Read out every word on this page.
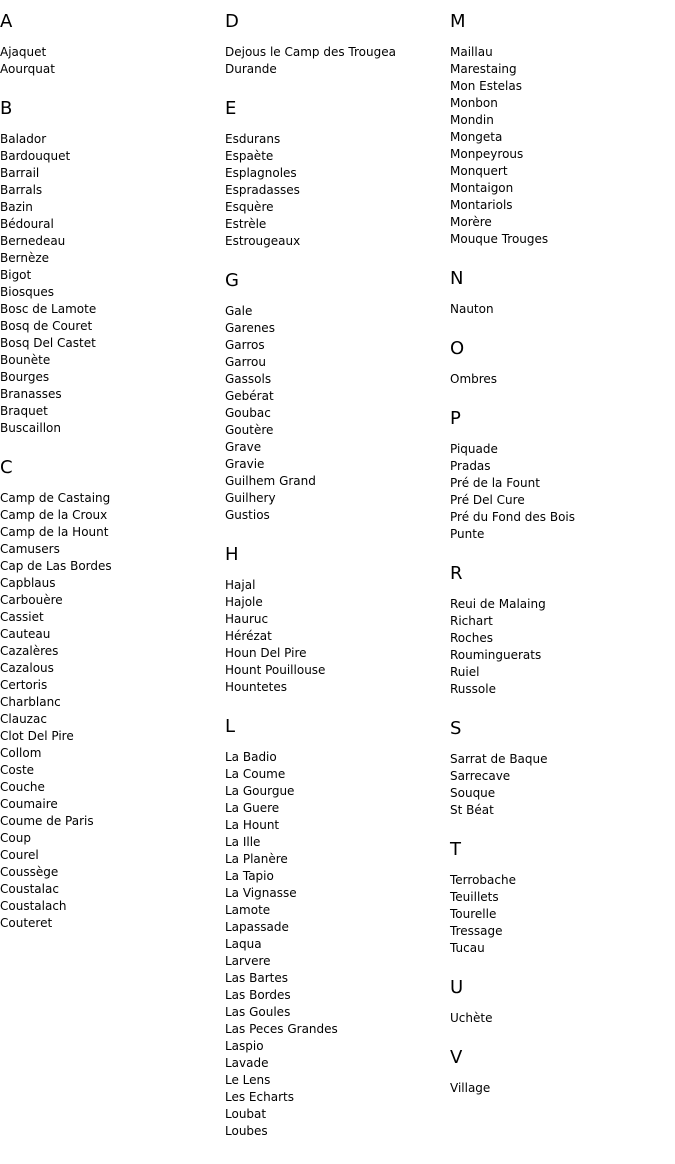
A
Ajaquet
Aourquat
B
Balador
Bardouquet
Barrail
Barrals
Bazin
Bédoural
Bernedeau
Bernèze
Bigot
Biosques
Bosc de Lamote
Bosq de Couret
Bosq Del Castet
Bounète
Bourges
Branasses
Braquet
Buscaillon
C
Camp de Castaing
Camp de la Croux
Camp de la Hount
Camusers
Cap de Las Bordes
Capblaus
Carbouère
Cassiet
Cauteau
Cazalères
Cazalous
Certoris
Charblanc
Clauzac
Clot Del Pire
Collom
Coste
Couche
Coumaire
Coume de Paris
Coup
Courel
Coussège
Coustalac
Coustalach
Couteret
D
Dejous le Camp des Trougea
Durande
E
Esdurans
Espaète
Esplagnoles
Espradasses
Esquère
Estrèle
Estrougeaux
G
Gale
Garenes
Garros
Garrou
Gassols
Gebérat
Goubac
Goutère
Grave
Gravie
Guilhem Grand
Guilhery
Gustios
H
Hajal
Hajole
Hauruc
Hérézat
Houn Del Pire
Hount Pouillouse
Hountetes
L
La Badio
La Coume
La Gourgue
La Guere
La Hount
La Ille
La Planère
La Tapio
La Vignasse
Lamote
Lapassade
Laqua
Larvere
Las Bartes
Las Bordes
Las Goules
Las Peces Grandes
Laspio
Lavade
Le Lens
Les Echarts
Loubat
Loubes
M
Maillau
Marestaing
Mon Estelas
Monbon
Mondin
Mongeta
Monpeyrous
Monquert
Montaigon
Montariols
Morère
Mouque Trouges
N
Nauton
O
Ombres
P
Piquade
Pradas
Pré de la Fount
Pré Del Cure
Pré du Fond des Bois
Punte
R
Reui de Malaing
Richart
Roches
Rouminguerats
Ruiel
Russole
S
Sarrat de Baque
Sarrecave
Souque
St Béat
T
Terrobache
Teuillets
Tourelle
Tressage
Tucau
U
Uchète
V
Village
